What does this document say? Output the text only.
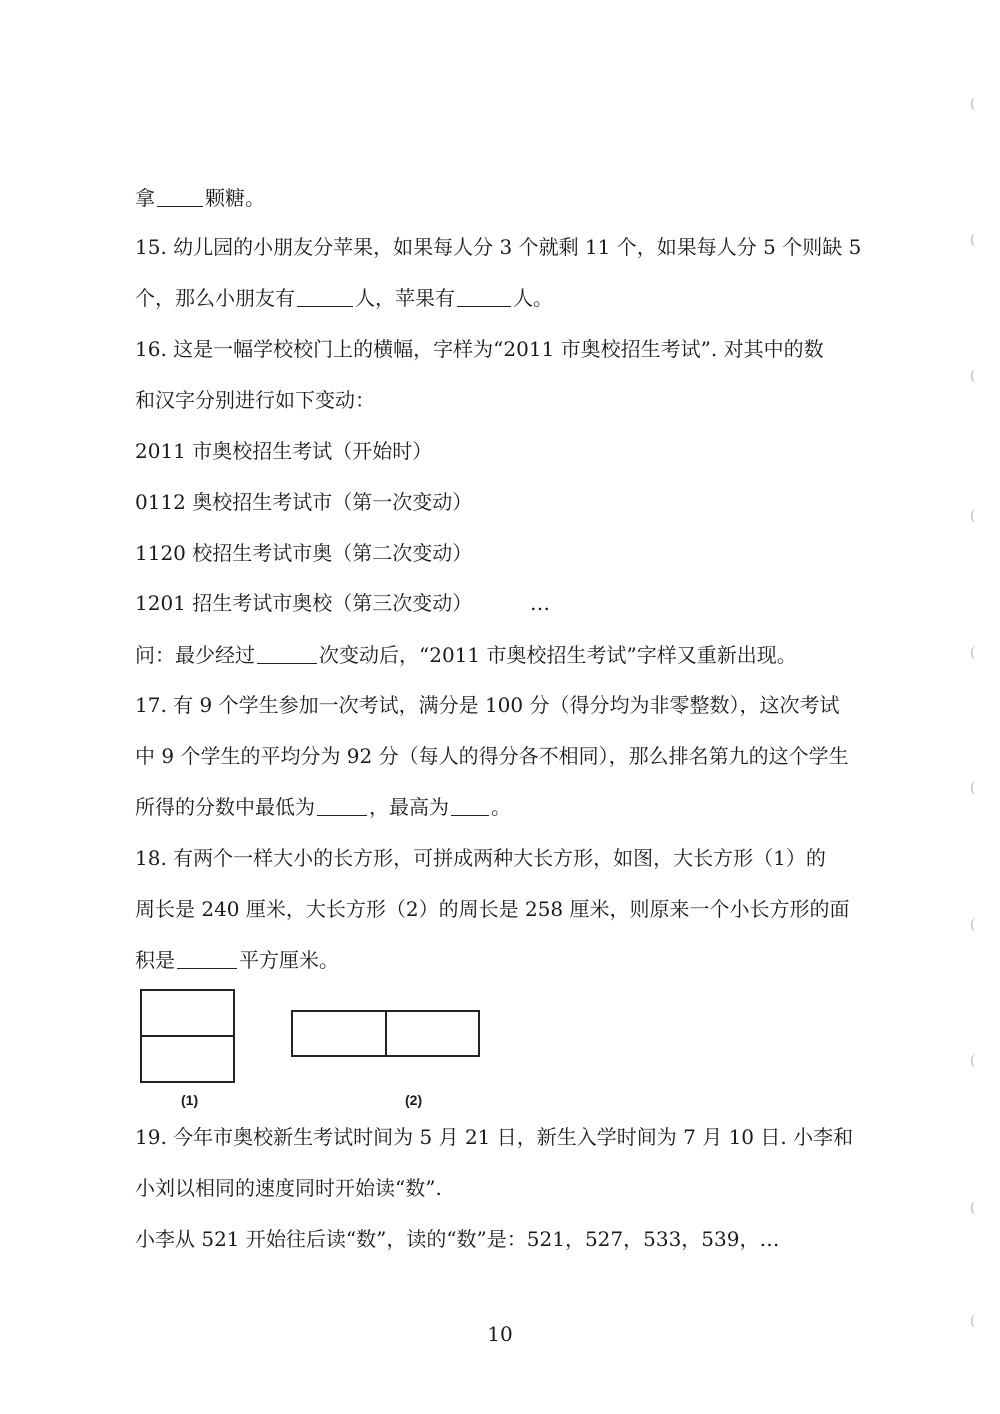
拿	颗糖。
15. 幼儿园的小朋友分苹果，如果每人分 3 个就剩 11 个，如果每人分 5 个则缺 5
个，那么小朋友有	人，苹果有	人。
16. 这是一幅学校校门上的横幅，字样为“2011 市奥校招生考试”. 对其中的数
和汉字分别进行如下变动：
2011 市奥校招生考试（开始时）
0112 奥校招生考试市（第一次变动）
1120 校招生考试市奥（第二次变动）
1201 招生考试市奥校（第三次变动）	…
问：最少经过	次变动后，“2011 市奥校招生考试”字样又重新出现。
17. 有 9 个学生参加一次考试，满分是 100 分（得分均为非零整数），这次考试
中 9 个学生的平均分为 92 分（每人的得分各不相同），那么排名第九的这个学生
所得的分数中最低为	，最高为 。
18. 有两个一样大小的长方形，可拼成两种大长方形，如图，大长方形（1）的
周长是 240 厘米，大长方形（2）的周长是 258 厘米，则原来一个小长方形的面
积是	平方厘米。
(1)	(2)
19. 今年市奥校新生考试时间为 5 月 21 日，新生入学时间为 7 月 10 日. 小李和
小刘以相同的速度同时开始读“数”.
小李从 521 开始往后读“数”，读的“数”是：521，527，533，539，…
10
(
(
(
(
(
(
(
(
(
(
